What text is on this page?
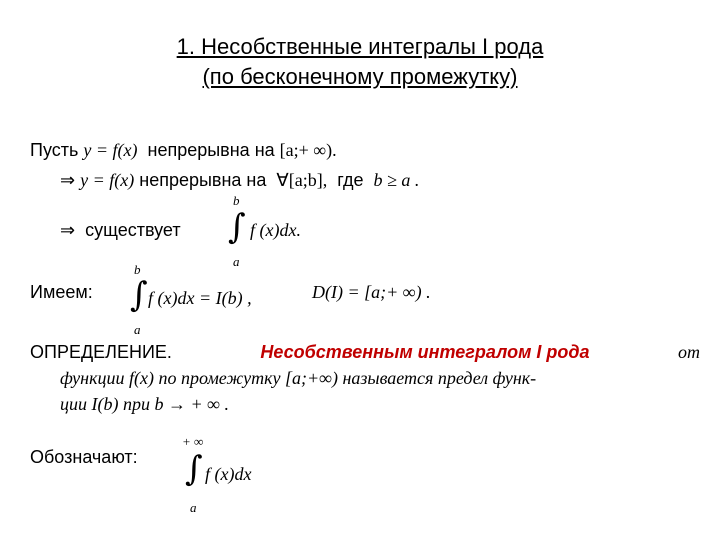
1. Несобственные интегралы I рода
(по бесконечному промежутку)
Пусть y = f(x) непрерывна на [a;+ ∞).
⇒ y = f(x) непрерывна на ∀[a;b], где b ≥ a .
⇒ существует
b
∫
a
f (x)dx.
Имеем:
b
∫
a
f (x)dx = I(b) ,	D(I) = [a;+ ∞) .
ОПРЕДЕЛЕНИЕ.	Несобственным интегралом I рода	от
функции f(x) по промежутку [a;+∞) называется предел функ-
ции I(b) при b → + ∞ .
Обозначают:
+ ∞
∫
a
f (x)dx
